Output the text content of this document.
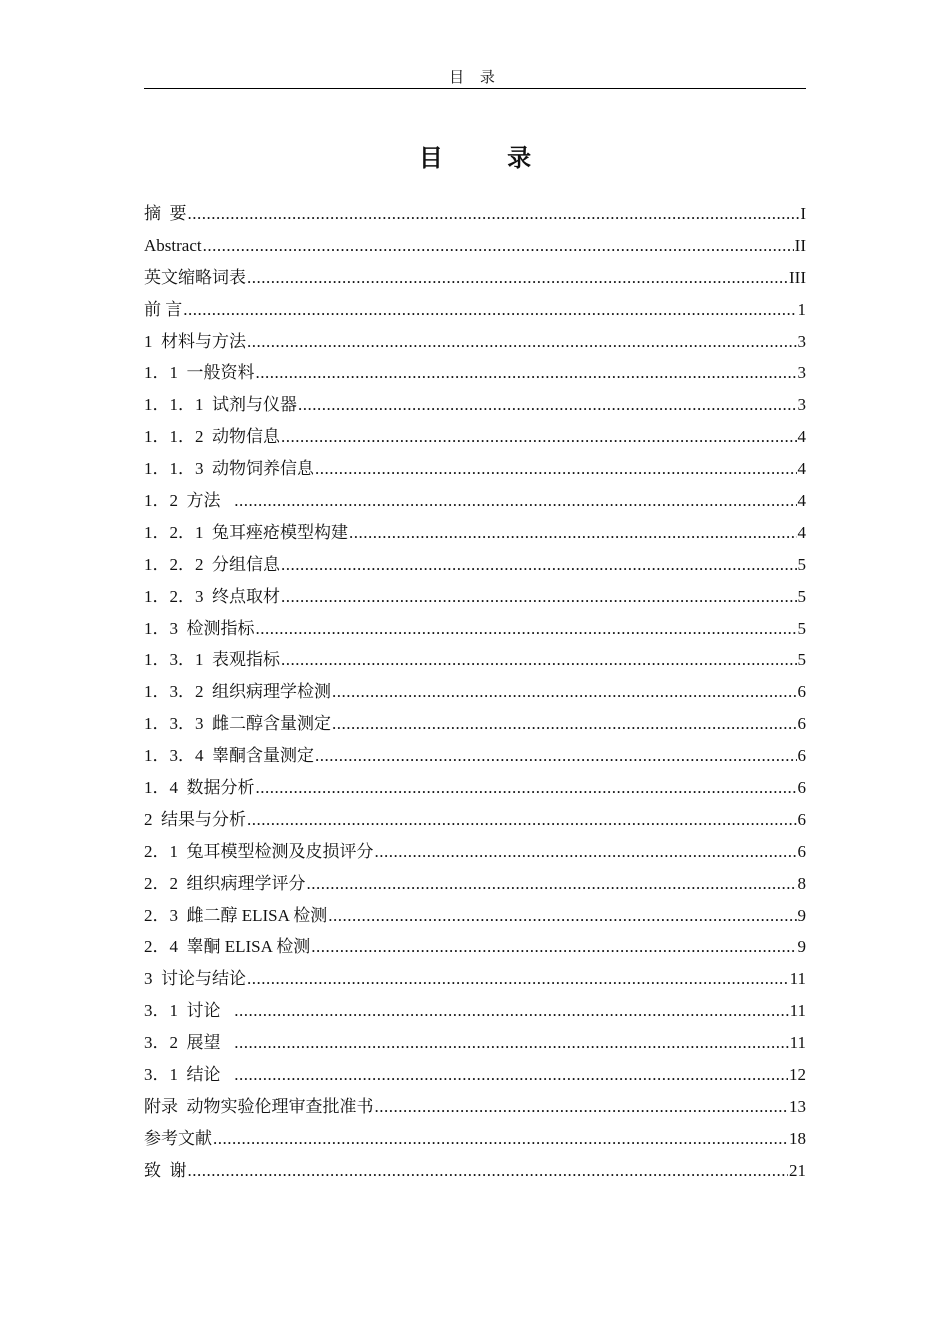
目 录
目 录
摘  要 .....	I
Abstract .....	II
英文缩略词表 .....	III
前 言 .....	1
1  材料与方法 .....	3
1．1  一般资料 .....	3
1．1．1  试剂与仪器 .....	3
1．1．2  动物信息 .....	4
1．1．3  动物饲养信息 .....	4
1．2  方法 .....	4
1．2．1  兔耳痤疮模型构建 .....	4
1．2．2  分组信息 .....	5
1．2．3  终点取材 .....	5
1．3  检测指标 .....	5
1．3．1  表观指标 .....	5
1．3．2  组织病理学检测 .....	6
1．3．3  雌二醇含量测定 .....	6
1．3．4  睾酮含量测定 .....	6
1．4  数据分析 .....	6
2  结果与分析 .....	6
2．1  兔耳模型检测及皮损评分 .....	6
2．2  组织病理学评分 .....	8
2．3  雌二醇 ELISA 检测 .....	9
2．4  睾酮 ELISA 检测 .....	9
3  讨论与结论 .....	11
3．1  讨论 .....	11
3．2  展望 .....	11
3．1  结论 .....	12
附录  动物实验伦理审查批准书 .....	13
参考文献 .....	18
致  谢 .....	21
